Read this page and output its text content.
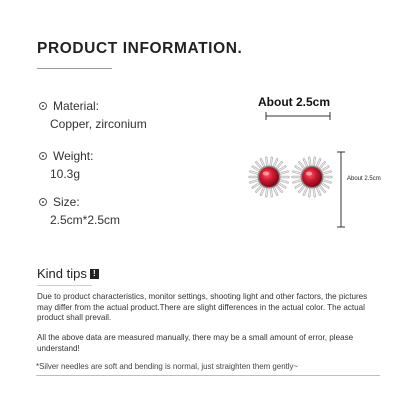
PRODUCT INFORMATION.
Material:
Copper, zirconium
Weight:
10.3g
Size:
2.5cm*2.5cm
About 2.5cm
About 2.5cm
Kind tips !
Due to product characteristics, monitor settings, shooting light and other factors, the pictures may differ from the actual product.There are slight differences in the actual color. The actual product shall prevail.
All the above data are measured manually, there may be a small amount of error, please understand!
*Silver needles are soft and bending is normal, just straighten them gently~
